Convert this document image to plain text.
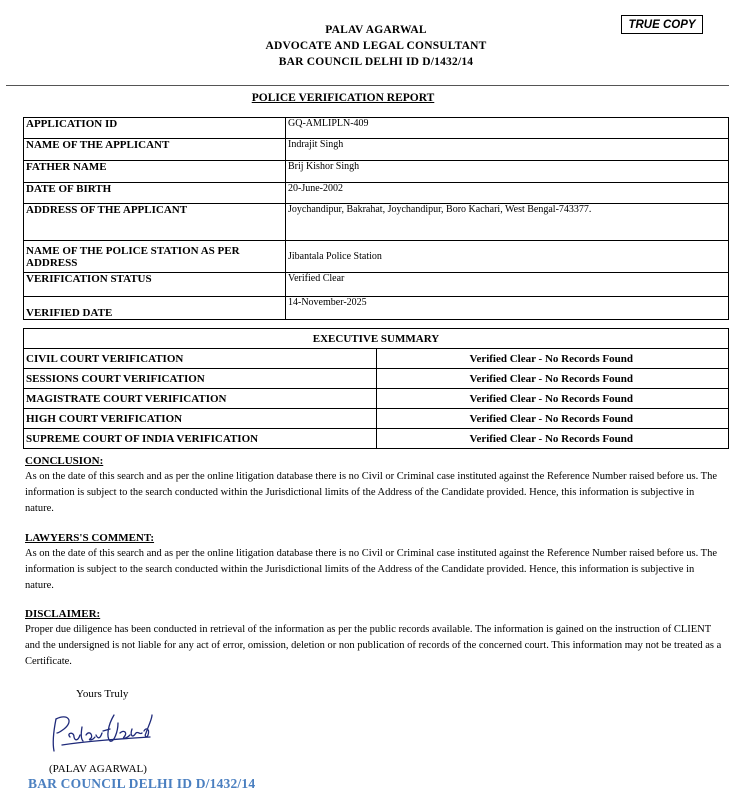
PALAV AGARWAL
ADVOCATE AND LEGAL CONSULTANT
BAR COUNCIL DELHI ID D/1432/14
TRUE COPY
POLICE VERIFICATION REPORT
APPLICATION ID	GQ-AMLIPLN-409
NAME OF THE APPLICANT	Indrajit Singh
FATHER NAME	Brij Kishor Singh
DATE OF BIRTH	20-June-2002
ADDRESS OF THE APPLICANT	Joychandipur, Bakrahat, Joychandipur, Boro Kachari, West Bengal-743377.
NAME OF THE POLICE STATION AS PER ADDRESS	Jibantala Police Station
VERIFICATION STATUS	Verified Clear
VERIFIED DATE	14-November-2025
EXECUTIVE SUMMARY	
CIVIL COURT VERIFICATION	Verified Clear - No Records Found
SESSIONS COURT VERIFICATION	Verified Clear - No Records Found
MAGISTRATE COURT VERIFICATION	Verified Clear - No Records Found
HIGH COURT VERIFICATION	Verified Clear - No Records Found
SUPREME COURT OF INDIA VERIFICATION	Verified Clear - No Records Found
CONCLUSION:

As on the date of this search and as per the online litigation database there is no Civil or Criminal case instituted against the Reference Number raised before us. The information is subject to the search conducted within the Jurisdictional limits of the Address of the Candidate provided. Hence, this information is subjective in nature.

LAWYERS'S COMMENT:

As on the date of this search and as per the online litigation database there is no Civil or Criminal case instituted against the Reference Number raised before us. The information is subject to the search conducted within the Jurisdictional limits of the Address of the Candidate provided. Hence, this information is subjective in nature.

DISCLAIMER:

Proper due diligence has been conducted in retrieval of the information as per the public records available. The information is gained on the instruction of CLIENT and the undersigned is not liable for any act of error, omission, deletion or non publication of records of the concerned court. This information may not be treated as a Certificate.

Yours Truly
(PALAV AGARWAL)
BAR COUNCIL DELHI ID D/1432/14
